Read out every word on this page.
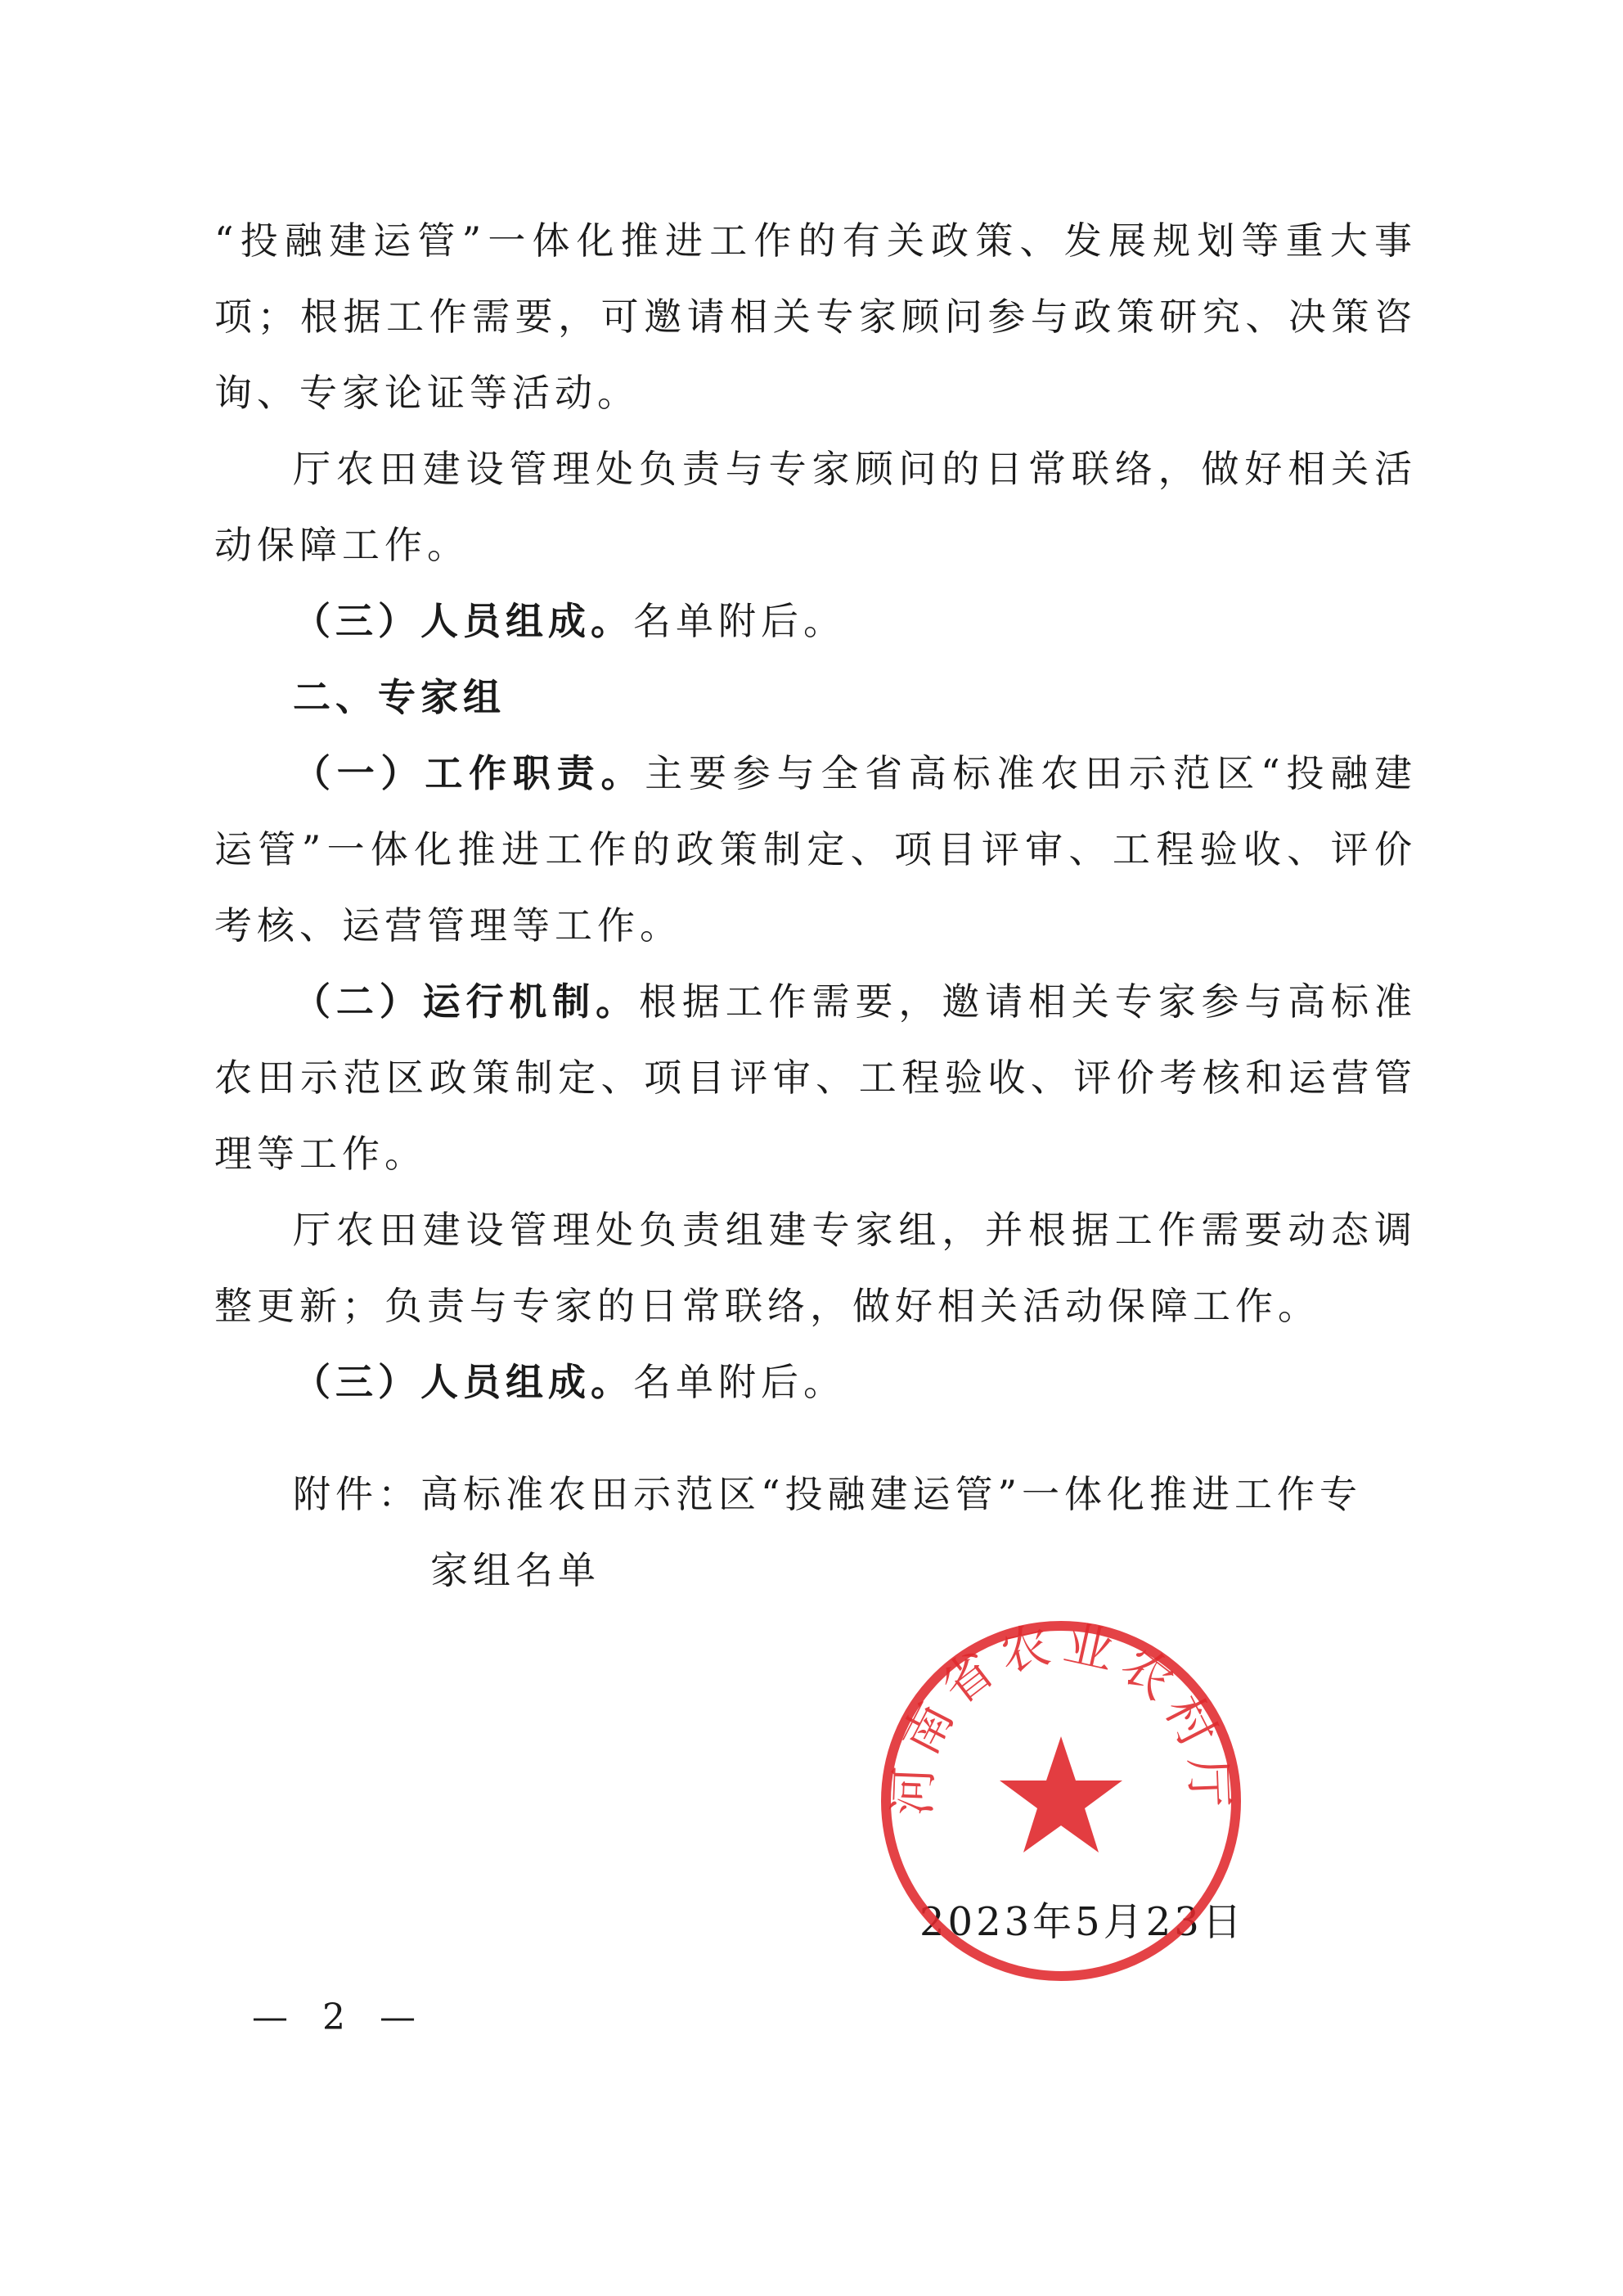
“投融建运管”一体化推进工作的有关政策、发展规划等重大事项；根据工作需要，可邀请相关专家顾问参与政策研究、决策咨询、专家论证等活动。

厅农田建设管理处负责与专家顾问的日常联络，做好相关活动保障工作。

（三）人员组成。名单附后。

二、专家组

（一）工作职责。主要参与全省高标准农田示范区“投融建运管”一体化推进工作的政策制定、项目评审、工程验收、评价考核、运营管理等工作。

（二）运行机制。根据工作需要，邀请相关专家参与高标准农田示范区政策制定、项目评审、工程验收、评价考核和运营管理等工作。

厅农田建设管理处负责组建专家组，并根据工作需要动态调整更新；负责与专家的日常联络，做好相关活动保障工作。

（三）人员组成。名单附后。

附件：高标准农田示范区“投融建运管”一体化推进工作专
家组名单
2023年5月23日
河南省农业农村厅
— 2 —
